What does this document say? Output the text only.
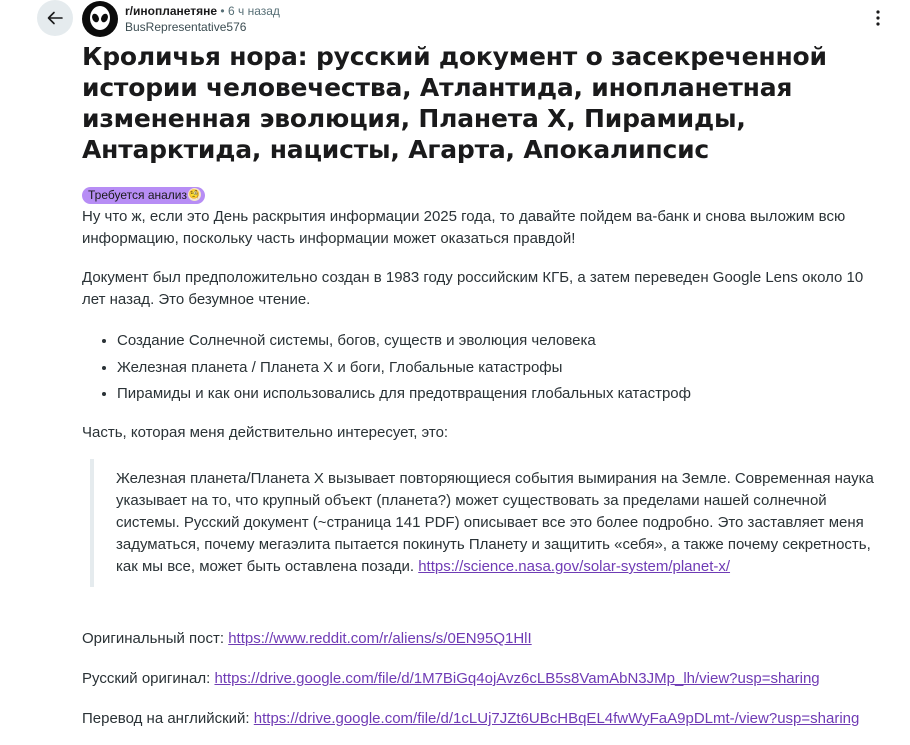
r/инопланетяне • 6 ч назад
BusRepresentative576
Кроличья нора: русский документ о засекреченной истории человечества, Атлантида, инопланетная измененная эволюция, Планета X, Пирамиды, Антарктида, нацисты, Агарта, Апокалипсис
Требуется анализ 🧐

Ну что ж, если это День раскрытия информации 2025 года, то давайте пойдем ва-банк и снова выложим всю информацию, поскольку часть информации может оказаться правдой!

Документ был предположительно создан в 1983 году российским КГБ, а затем переведен Google Lens около 10 лет назад. Это безумное чтение.

• Создание Солнечной системы, богов, существ и эволюция человека
• Железная планета / Планета X и боги, Глобальные катастрофы
• Пирамиды и как они использовались для предотвращения глобальных катастроф

Часть, которая меня действительно интересует, это:

Железная планета/Планета X вызывает повторяющиеся события вымирания на Земле. Современная наука указывает на то, что крупный объект (планета?) может существовать за пределами нашей солнечной системы. Русский документ (~страница 141 PDF) описывает все это более подробно. Это заставляет меня задуматься, почему мегаэлита пытается покинуть Планету и защитить «себя», а также почему секретность, как мы все, может быть оставлена позади. https://science.nasa.gov/solar-system/planet-x/

Оригинальный пост: https://www.reddit.com/r/aliens/s/0EN95Q1HlI

Русский оригинал: https://drive.google.com/file/d/1M7BiGq4ojAvz6cLB5s8VamAbN3JMp_lh/view?usp=sharing

Перевод на английский: https://drive.google.com/file/d/1cLUj7JZt6UBcHBqEL4fwWyFaA9pDLmt-/view?usp=sharing
